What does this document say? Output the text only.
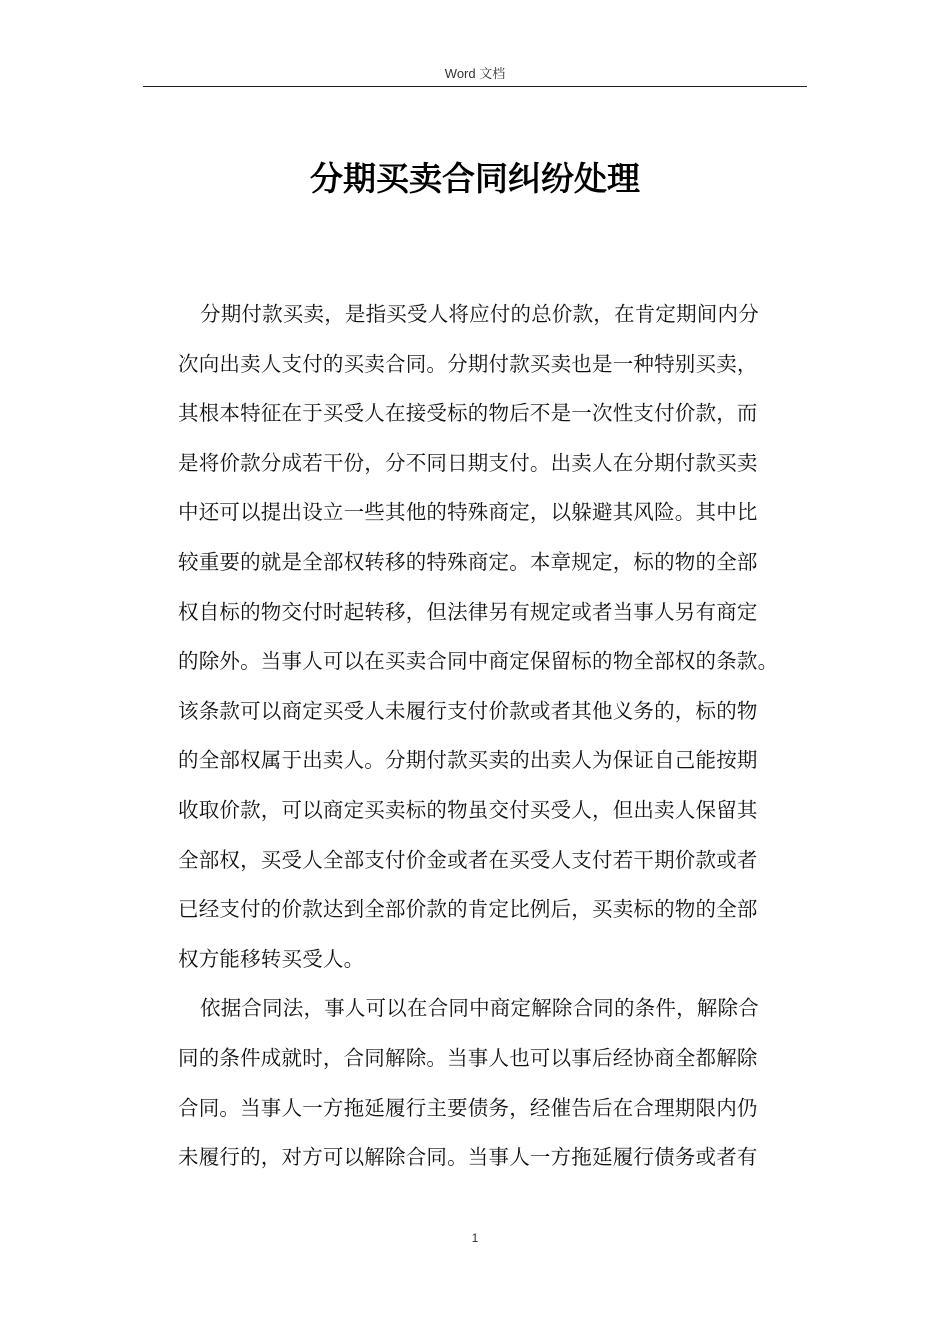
Word 文档
分期买卖合同纠纷处理

分期付款买卖，是指买受人将应付的总价款，在肯定期间内分
次向出卖人支付的买卖合同。分期付款买卖也是一种特别买卖，
其根本特征在于买受人在接受标的物后不是一次性支付价款，而
是将价款分成若干份，分不同日期支付。出卖人在分期付款买卖
中还可以提出设立一些其他的特殊商定，以躲避其风险。其中比
较重要的就是全部权转移的特殊商定。本章规定，标的物的全部
权自标的物交付时起转移，但法律另有规定或者当事人另有商定
的除外。当事人可以在买卖合同中商定保留标的物全部权的条款。
该条款可以商定买受人未履行支付价款或者其他义务的，标的物
的全部权属于出卖人。分期付款买卖的出卖人为保证自己能按期
收取价款，可以商定买卖标的物虽交付买受人，但出卖人保留其
全部权，买受人全部支付价金或者在买受人支付若干期价款或者
已经支付的价款达到全部价款的肯定比例后，买卖标的物的全部
权方能移转买受人。

依据合同法，事人可以在合同中商定解除合同的条件，解除合
同的条件成就时，合同解除。当事人也可以事后经协商全都解除
合同。当事人一方拖延履行主要债务，经催告后在合理期限内仍
未履行的，对方可以解除合同。当事人一方拖延履行债务或者有

1
